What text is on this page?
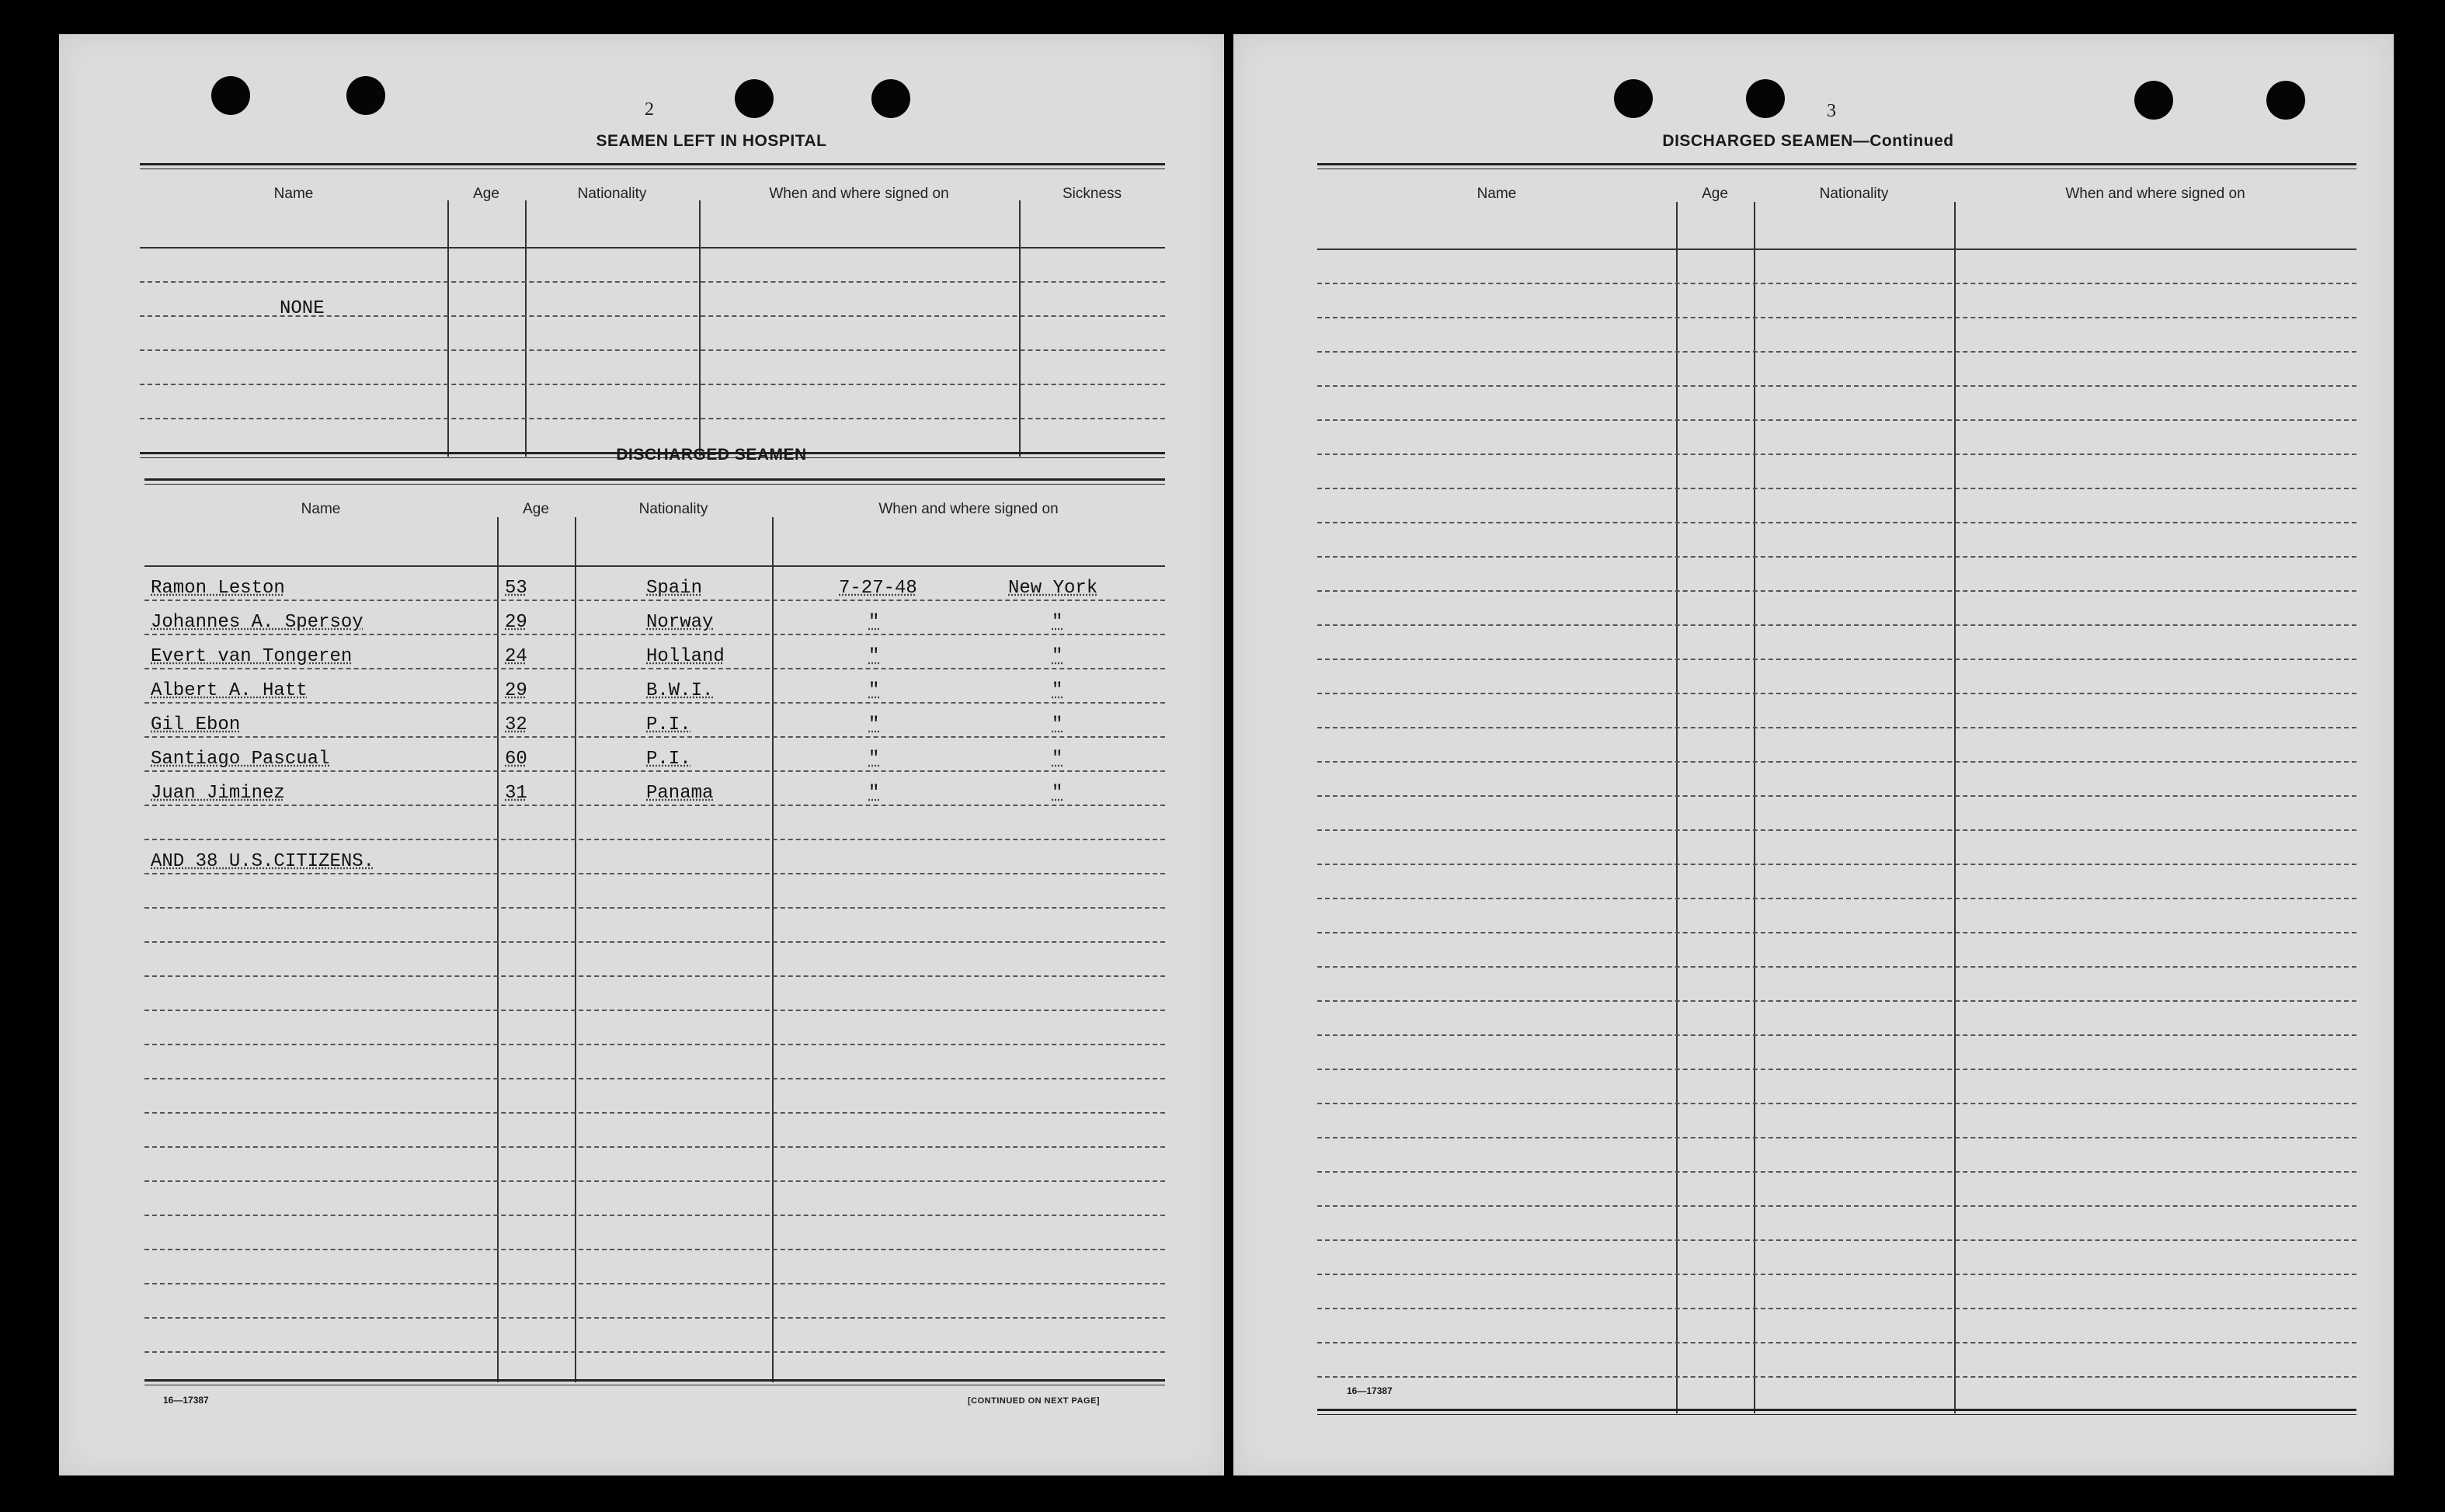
2
SEAMEN LEFT IN HOSPITAL
Name	Age	Nationality	When and where signed on	Sickness
NONE
DISCHARGED SEAMEN
Name	Age	Nationality	When and where signed on
Ramon Leston	53	Spain	7-27-48	New York
Johannes A. Spersoy	29	Norway	"	"
Evert van Tongeren	24	Holland	"	"
Albert A. Hatt	29	B.W.I.	"	"
Gil Ebon	32	P.I.	"	"
Santiago Pascual	60	P.I.	"	"
Juan Jiminez	31	Panama	"	"
AND 38 U.S.CITIZENS.
16—17387	[CONTINUED ON NEXT PAGE]
3
DISCHARGED SEAMEN—Continued
Name	Age	Nationality	When and where signed on
16—17387
